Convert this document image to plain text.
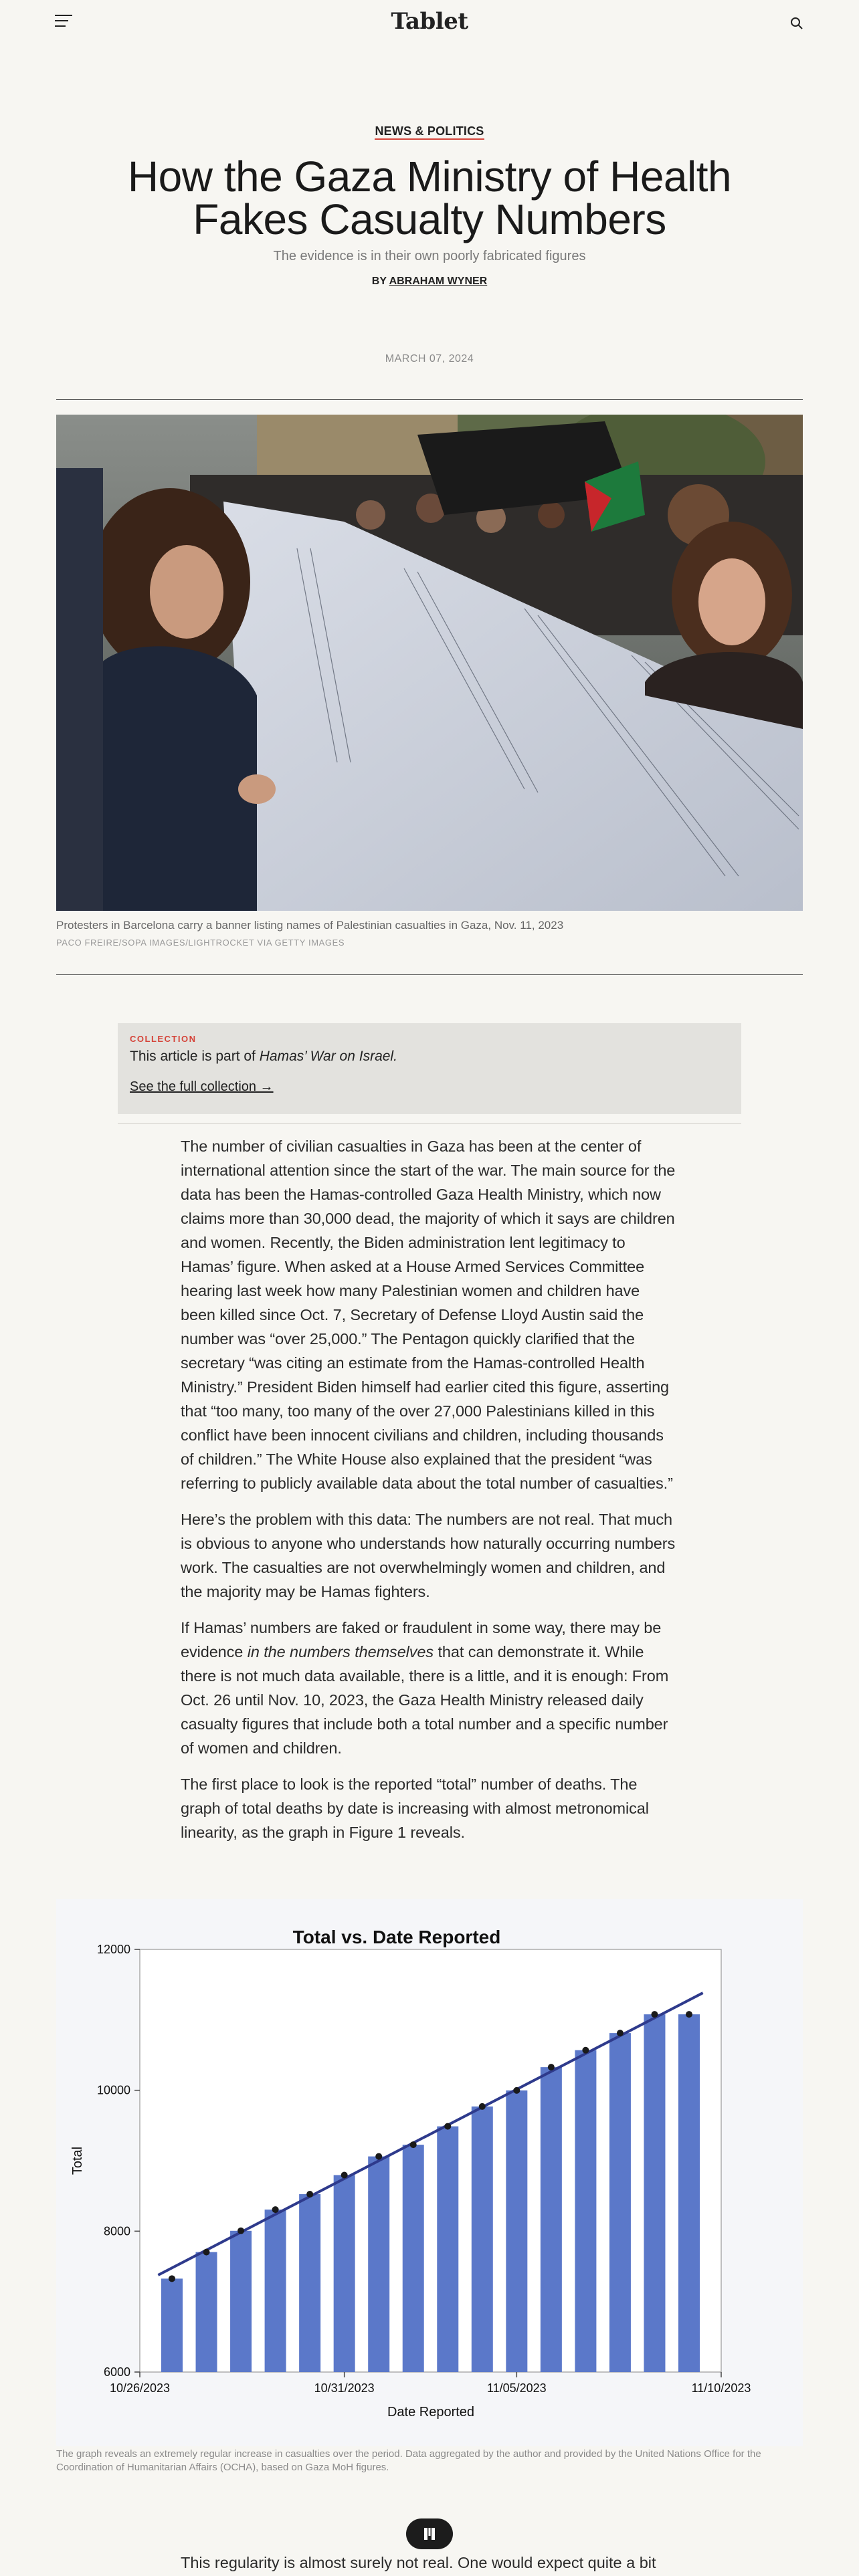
Tablet
NEWS & POLITICS
How the Gaza Ministry of Health Fakes Casualty Numbers
The evidence is in their own poorly fabricated figures
BY ABRAHAM WYNER
MARCH 07, 2024
Protesters in Barcelona carry a banner listing names of Palestinian casualties in Gaza, Nov. 11, 2023
PACO FREIRE/SOPA IMAGES/LIGHTROCKET VIA GETTY IMAGES
COLLECTION
This article is part of Hamas’ War on Israel.
See the full collection →

The number of civilian casualties in Gaza has been at the center of international attention since the start of the war. The main source for the data has been the Hamas-controlled Gaza Health Ministry, which now claims more than 30,000 dead, the majority of which it says are children and women. Recently, the Biden administration lent legitimacy to Hamas’ figure. When asked at a House Armed Services Committee hearing last week how many Palestinian women and children have been killed since Oct. 7, Secretary of Defense Lloyd Austin said the number was “over 25,000.” The Pentagon quickly clarified that the secretary “was citing an estimate from the Hamas-controlled Health Ministry.” President Biden himself had earlier cited this figure, asserting that “too many, too many of the over 27,000 Palestinians killed in this conflict have been innocent civilians and children, including thousands of children.” The White House also explained that the president “was referring to publicly available data about the total number of casualties.”

Here’s the problem with this data: The numbers are not real. That much is obvious to anyone who understands how naturally occurring numbers work. The casualties are not overwhelmingly women and children, and the majority may be Hamas fighters.

If Hamas’ numbers are faked or fraudulent in some way, there may be evidence in the numbers themselves that can demonstrate it. While there is not much data available, there is a little, and it is enough: From Oct. 26 until Nov. 10, 2023, the Gaza Health Ministry released daily casualty figures that include both a total number and a specific number of women and children.

The first place to look is the reported “total” number of deaths. The graph of total deaths by date is increasing with almost metronomical linearity, as the graph in Figure 1 reveals.

Total vs. Date Reported
6000
8000
10000
12000
10/26/2023	10/31/2023	11/05/2023	11/10/2023
Date Reported
Total
The graph reveals an extremely regular increase in casualties over the period. Data aggregated by the author and provided by the United Nations Office for the Coordination of Humanitarian Affairs (OCHA), based on Gaza MoH figures.
This regularity is almost surely not real. One would expect quite a bit
